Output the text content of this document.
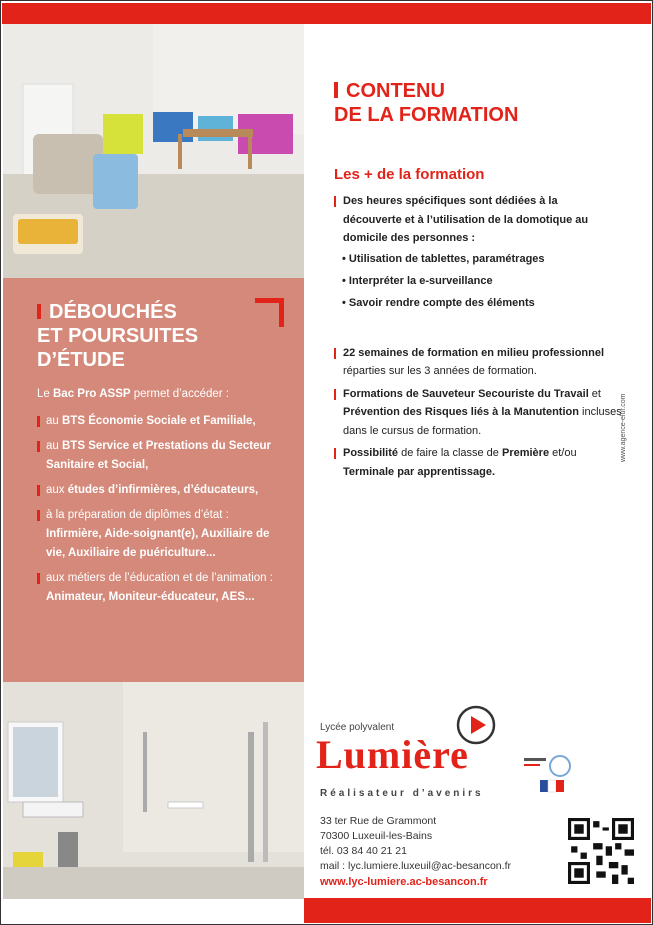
DÉBOUCHÉS
ET POURSUITES
D’ÉTUDE
Le Bac Pro ASSP permet d’accéder :
au BTS Économie Sociale et Familiale,
au BTS Service et Prestations du Secteur Sanitaire et Social,
aux études d’infirmières, d’éducateurs,
à la préparation de diplômes d’état : Infirmière, Aide-soignant(e), Auxiliaire de vie, Auxiliaire de puériculture...
aux métiers de l’éducation et de l’animation : Animateur, Moniteur-éducateur, AES...
CONTENU
DE LA FORMATION
Les + de la formation
Des heures spécifiques sont dédiées à la découverte et à l’utilisation de la domotique au domicile des personnes :
• Utilisation de tablettes, paramétrages
• Interpréter la e-surveillance
• Savoir rendre compte des éléments
22 semaines de formation en milieu professionnel réparties sur les 3 années de formation.
Formations de Sauveteur Secouriste du Travail et Prévention des Risques liés à la Manutention incluses dans le cursus de formation.
Possibilité de faire la classe de Première et/ou Terminale par apprentissage.
www.agence-elur.com
Lycée polyvalent
Lumière
Réalisateur d’avenirs
33 ter Rue de Grammont
70300 Luxeuil-les-Bains
tél. 03 84 40 21 21
mail : lyc.lumiere.luxeuil@ac-besancon.fr
www.lyc-lumiere.ac-besancon.fr
